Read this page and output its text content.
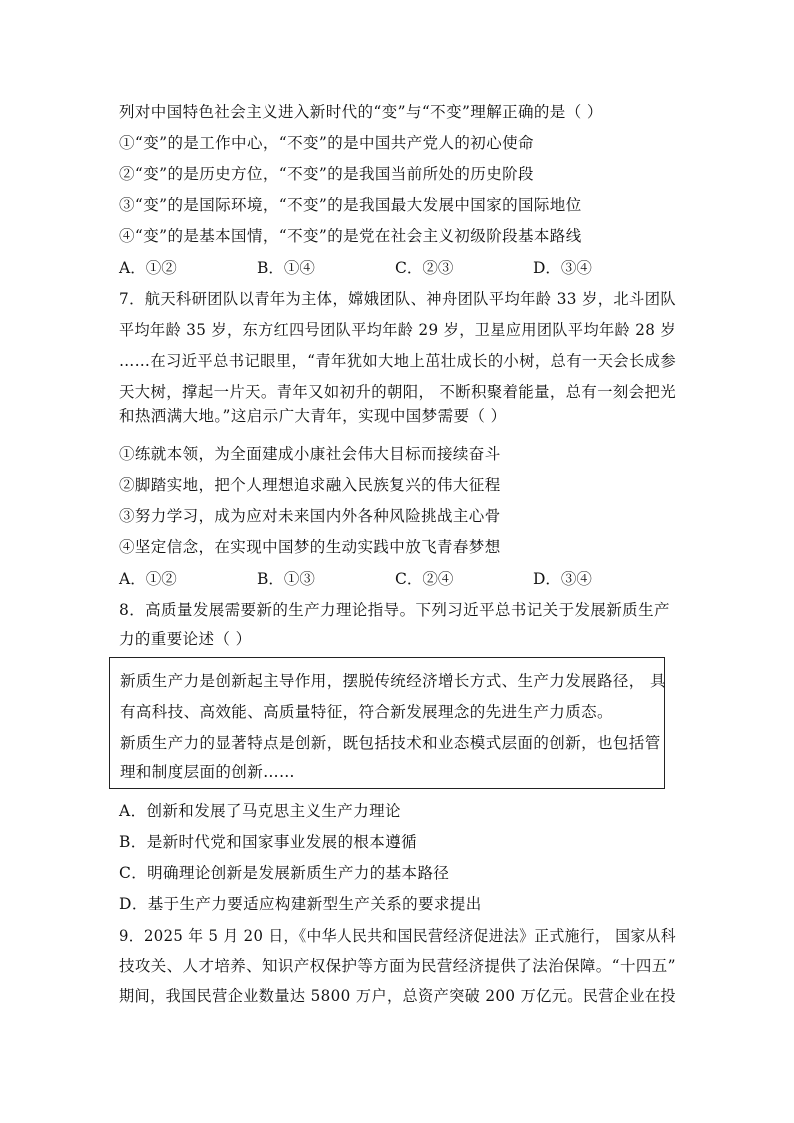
列对中国特色社会主义进入新时代的“变”与“不变”理解正确的是（ ）
①“变”的是工作中心，“不变”的是中国共产党人的初心使命
②“变”的是历史方位，“不变”的是我国当前所处的历史阶段
③“变”的是国际环境，“不变”的是我国最大发展中国家的国际地位
④“变”的是基本国情，“不变”的是党在社会主义初级阶段基本路线
A．①②	B．①④	C．②③	D．③④
7．航天科研团队以青年为主体，嫦娥团队、神舟团队平均年龄 33 岁，北斗团队
平均年龄 35 岁，东方红四号团队平均年龄 29 岁，卫星应用团队平均年龄 28 岁
……在习近平总书记眼里，“青年犹如大地上茁壮成长的小树，总有一天会长成参
天大树，撑起一片天。青年又如初升的朝阳， 不断积聚着能量，总有一刻会把光
和热洒满大地。”这启示广大青年，实现中国梦需要（ ）
①练就本领，为全面建成小康社会伟大目标而接续奋斗
②脚踏实地，把个人理想追求融入民族复兴的伟大征程
③努力学习，成为应对未来国内外各种风险挑战主心骨
④坚定信念，在实现中国梦的生动实践中放飞青春梦想
A．①②	B．①③	C．②④	D．③④
8．高质量发展需要新的生产力理论指导。下列习近平总书记关于发展新质生产
力的重要论述（ ）
新质生产力是创新起主导作用，摆脱传统经济增长方式、生产力发展路径， 具
有高科技、高效能、高质量特征，符合新发展理念的先进生产力质态。
新质生产力的显著特点是创新，既包括技术和业态模式层面的创新，也包括管
理和制度层面的创新……
A．创新和发展了马克思主义生产力理论
B．是新时代党和国家事业发展的根本遵循
C．明确理论创新是发展新质生产力的基本路径
D．基于生产力要适应构建新型生产关系的要求提出
9．2025 年 5 月 20 日，《中华人民共和国民营经济促进法》正式施行， 国家从科
技攻关、人才培养、知识产权保护等方面为民营经济提供了法治保障。“十四五”
期间，我国民营企业数量达 5800 万户，总资产突破 200 万亿元。民营企业在投
